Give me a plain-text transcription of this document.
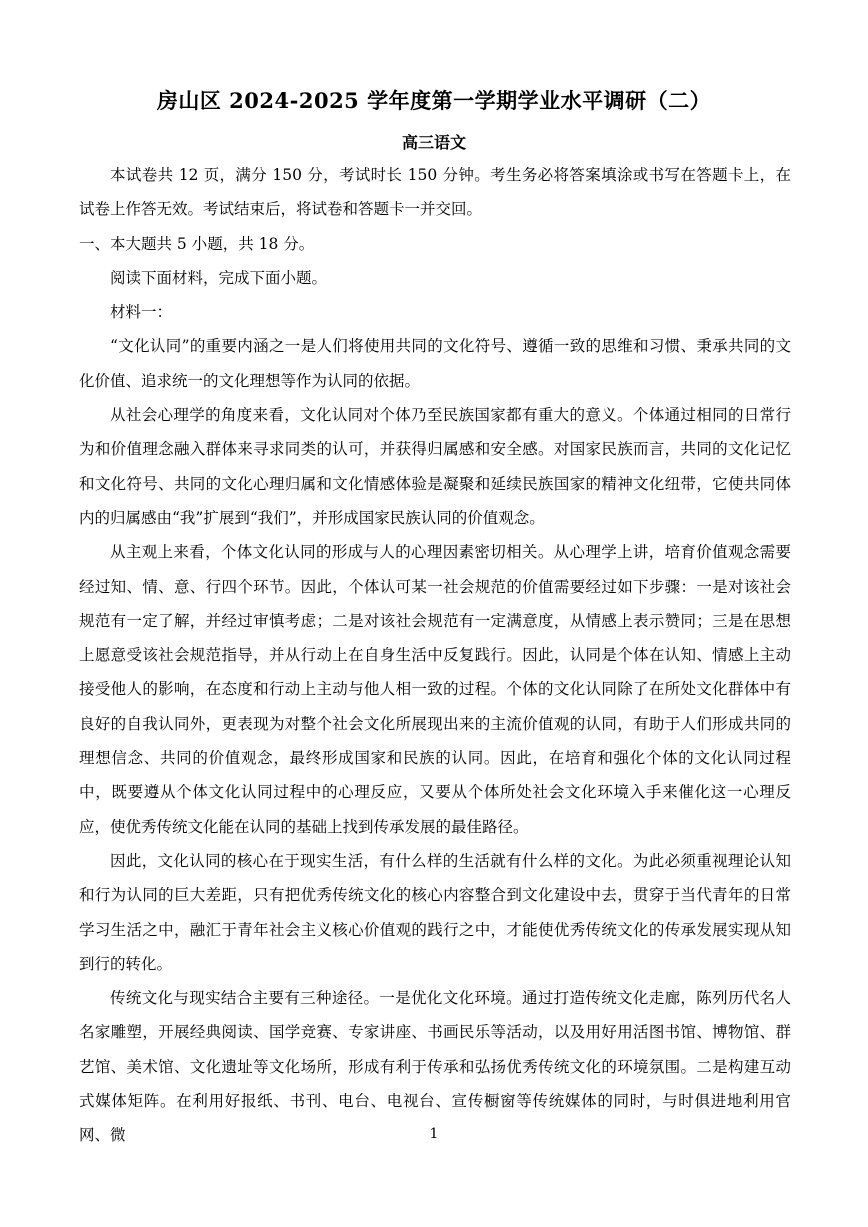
房山区 2024-2025 学年度第一学期学业水平调研（二）
高三语文

本试卷共 12 页，满分 150 分，考试时长 150 分钟。考生务必将答案填涂或书写在答题卡上，在试卷上作答无效。考试结束后，将试卷和答题卡一并交回。

一、本大题共 5 小题，共 18 分。

阅读下面材料，完成下面小题。

材料一：

“文化认同”的重要内涵之一是人们将使用共同的文化符号、遵循一致的思维和习惯、秉承共同的文化价值、追求统一的文化理想等作为认同的依据。

从社会心理学的角度来看，文化认同对个体乃至民族国家都有重大的意义。个体通过相同的日常行为和价值理念融入群体来寻求同类的认可，并获得归属感和安全感。对国家民族而言，共同的文化记忆和文化符号、共同的文化心理归属和文化情感体验是凝聚和延续民族国家的精神文化纽带，它使共同体内的归属感由“我”扩展到“我们”，并形成国家民族认同的价值观念。

从主观上来看，个体文化认同的形成与人的心理因素密切相关。从心理学上讲，培育价值观念需要经过知、情、意、行四个环节。因此，个体认可某一社会规范的价值需要经过如下步骤：一是对该社会规范有一定了解，并经过审慎考虑；二是对该社会规范有一定满意度，从情感上表示赞同；三是在思想上愿意受该社会规范指导，并从行动上在自身生活中反复践行。因此，认同是个体在认知、情感上主动接受他人的影响，在态度和行动上主动与他人相一致的过程。个体的文化认同除了在所处文化群体中有良好的自我认同外，更表现为对整个社会文化所展现出来的主流价值观的认同，有助于人们形成共同的理想信念、共同的价值观念，最终形成国家和民族的认同。因此，在培育和强化个体的文化认同过程中，既要遵从个体文化认同过程中的心理反应，又要从个体所处社会文化环境入手来催化这一心理反应，使优秀传统文化能在认同的基础上找到传承发展的最佳路径。

因此，文化认同的核心在于现实生活，有什么样的生活就有什么样的文化。为此必须重视理论认知和行为认同的巨大差距，只有把优秀传统文化的核心内容整合到文化建设中去，贯穿于当代青年的日常学习生活之中，融汇于青年社会主义核心价值观的践行之中，才能使优秀传统文化的传承发展实现从知到行的转化。

传统文化与现实结合主要有三种途径。一是优化文化环境。通过打造传统文化走廊，陈列历代名人名家雕塑，开展经典阅读、国学竞赛、专家讲座、书画民乐等活动，以及用好用活图书馆、博物馆、群艺馆、美术馆、文化遗址等文化场所，形成有利于传承和弘扬优秀传统文化的环境氛围。二是构建互动式媒体矩阵。在利用好报纸、书刊、电台、电视台、宣传橱窗等传统媒体的同时，与时俱进地利用官网、微	1
